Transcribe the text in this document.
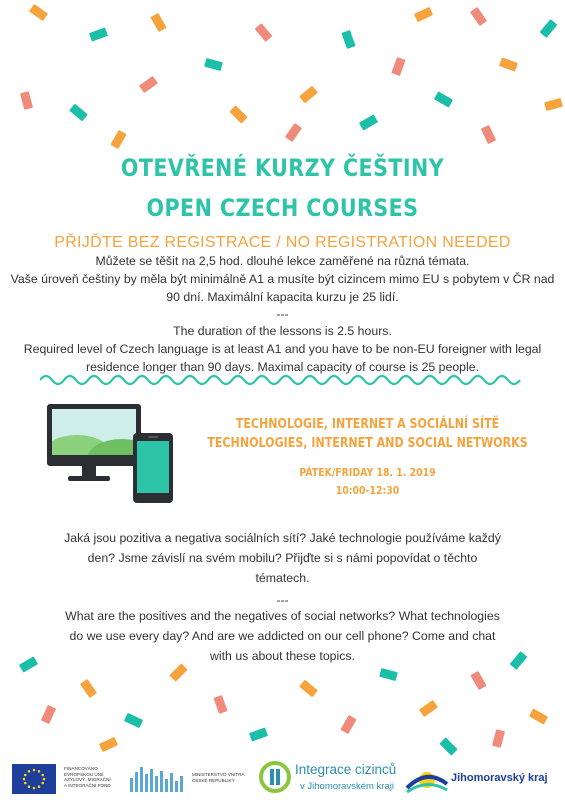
OTEVŘENÉ KURZY ČEŠTINY
OPEN CZECH COURSES
PŘIJĎTE BEZ REGISTRACE / NO REGISTRATION NEEDED
Můžete se těšit na 2,5 hod. dlouhé lekce zaměřené na různá témata.
Vaše úroveň češtiny by měla být minimálně A1 a musíte být cizincem mimo EU s pobytem v ČR nad
90 dní. Maximální kapacita kurzu je 25 lidí.
---
The duration of the lessons is 2.5 hours.
Required level of Czech language is at least A1 and you have to be non-EU foreigner with legal
residence longer than 90 days. Maximal capacity of course is 25 people.
TECHNOLOGIE, INTERNET A SOCIÁLNÍ SÍTĚ
TECHNOLOGIES, INTERNET AND SOCIAL NETWORKS
PÁTEK/FRIDAY 18. 1. 2019
10:00-12:30
Jaká jsou pozitiva a negativa sociálních sítí? Jaké technologie používáme každý
den? Jsme závislí na svém mobilu? Přijďte si s námi popovídat o těchto
tématech.
---
What are the positives and the negatives of social networks? What technologies
do we use every day? And are we addicted on our cell phone? Come and chat
with us about these topics.
FINANCOVÁNO
EVROPSKOU UNIÍ
AZYLOVÝ, MIGRAČNÍ
A INTEGRAČNÍ FOND
MINISTERSTVO VNITRA
ČESKÉ REPUBLIKY
Integrace cizinců
v Jihomoravském kraji
Jihomoravský kraj
